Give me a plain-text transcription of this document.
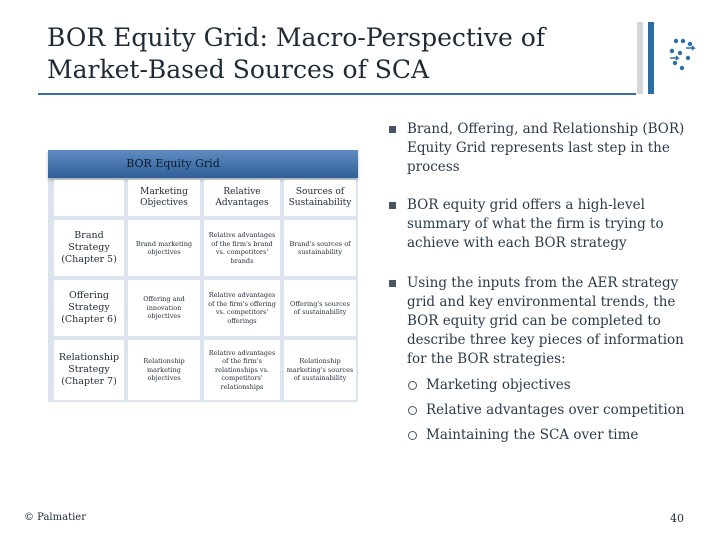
BOR Equity Grid: Macro-Perspective of Market-Based Sources of SCA
BOR Equity Grid
Marketing Objectives
Relative Advantages
Sources of Sustainability
Brand Strategy (Chapter 5)
Brand marketing objectives
Relative advantages of the firm's brand vs. competitors' brands
Brand's sources of sustainability
Offering Strategy (Chapter 6)
Offering and innovation objectives
Relative advantages of the firm's offering vs. competitors' offerings
Offering's sources of sustainability
Relationship Strategy (Chapter 7)
Relationship marketing objectives
Relative advantages of the firm's relationships vs. competitors' relationships
Relationship marketing's sources of sustainability
Brand, Offering, and Relationship (BOR) Equity Grid represents last step in the process
BOR equity grid offers a high-level summary of what the firm is trying to achieve with each BOR strategy
Using the inputs from the AER strategy grid and key environmental trends, the BOR equity grid can be completed to describe three key pieces of information for the BOR strategies:
Marketing objectives
Relative advantages over competition
Maintaining the SCA over time
© Palmatier	40
